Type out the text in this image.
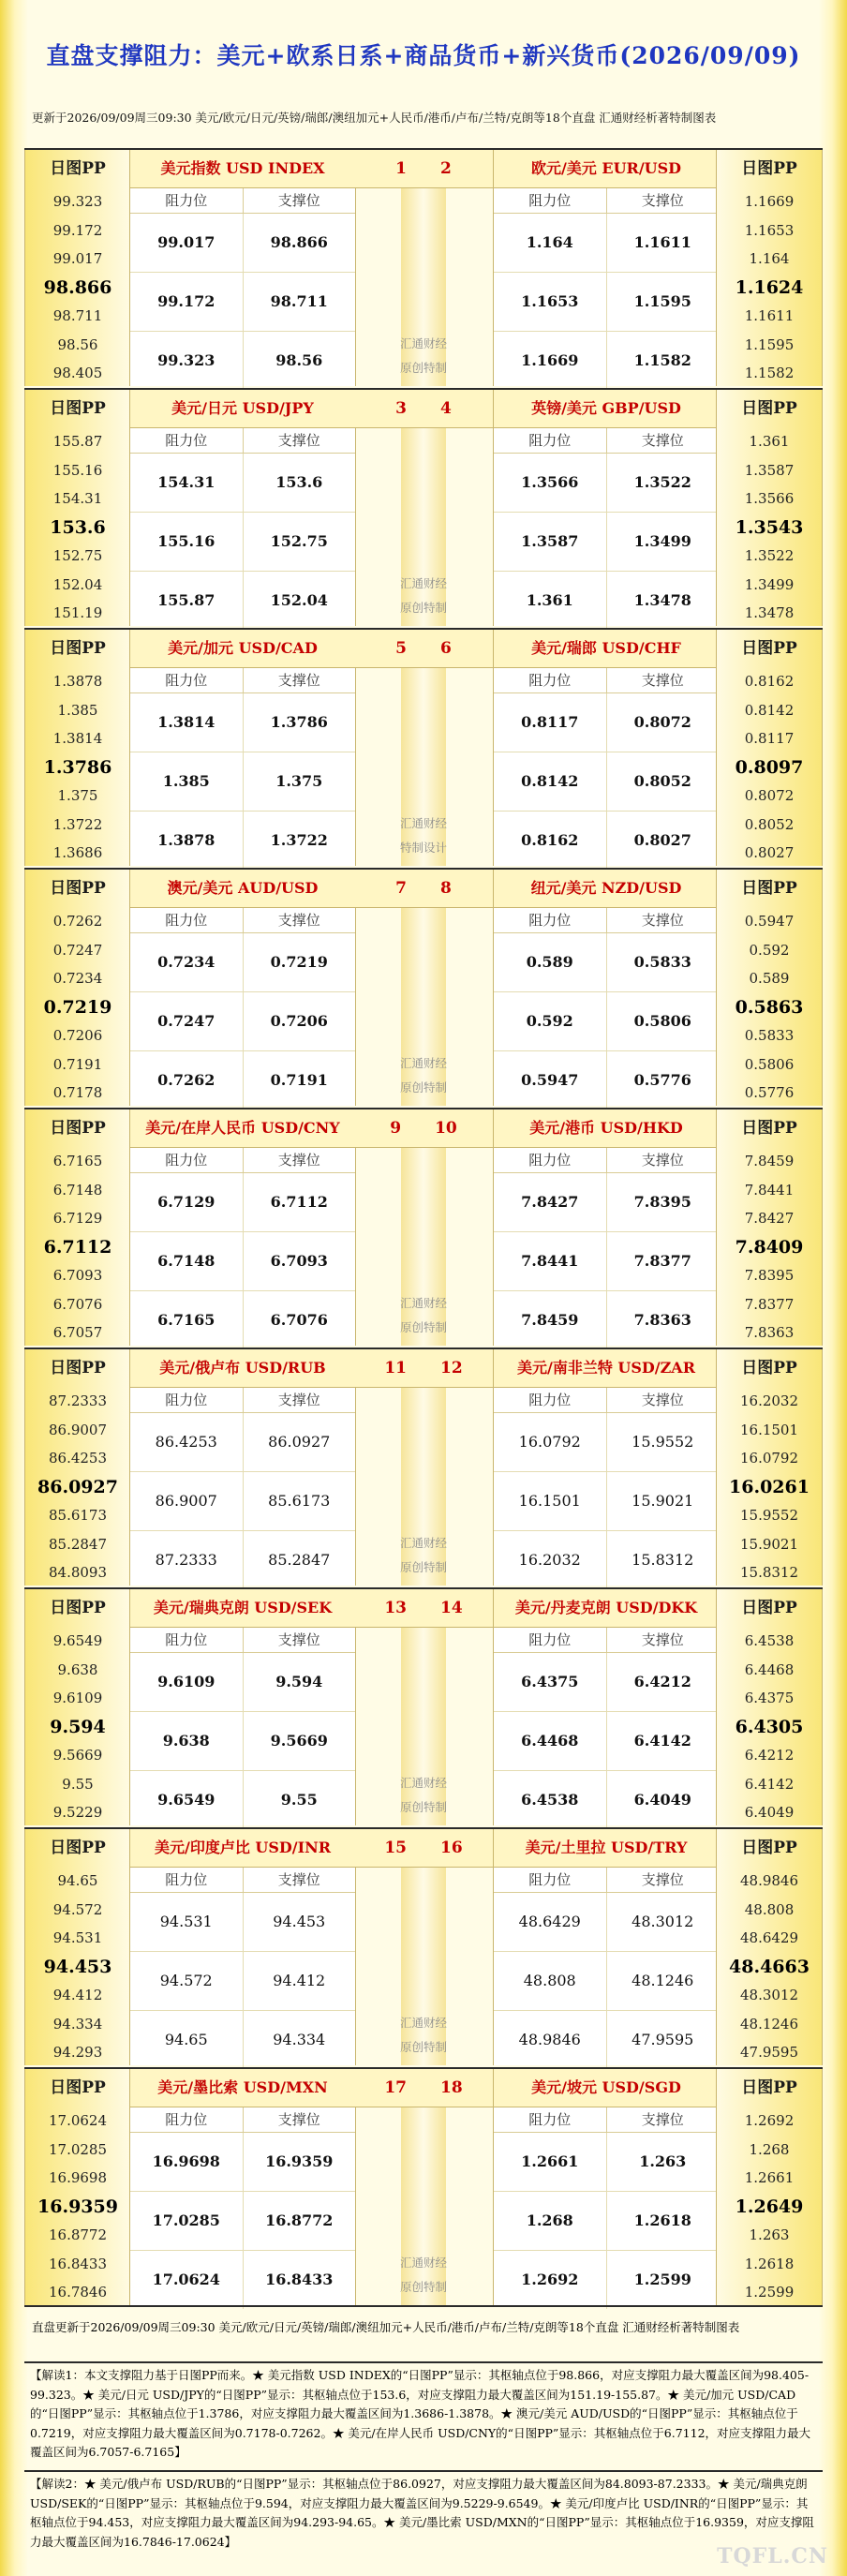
直盘支撑阻力：美元+欧系日系+商品货币+新兴货币(2026/09/09)
更新于2026/09/09周三09:30 美元/欧元/日元/英镑/瑞郎/澳纽加元+人民币/港币/卢布/兰特/克朗等18个直盘 汇通财经析著特制图表
日图PP
99.323
99.172
99.017
98.866
98.711
98.56
98.405
美元指数 USD INDEX
阻力位	支撑位
99.017	98.866
99.172	98.711
99.323	98.56
1 2
汇通财经
原创特制
欧元/美元 EUR/USD
阻力位	支撑位
1.164	1.1611
1.1653	1.1595
1.1669	1.1582
日图PP
1.1669
1.1653
1.164
1.1624
1.1611
1.1595
1.1582
日图PP
155.87
155.16
154.31
153.6
152.75
152.04
151.19
美元/日元 USD/JPY
阻力位	支撑位
154.31	153.6
155.16	152.75
155.87	152.04
3 4
汇通财经
原创特制
英镑/美元 GBP/USD
阻力位	支撑位
1.3566	1.3522
1.3587	1.3499
1.361	1.3478
日图PP
1.361
1.3587
1.3566
1.3543
1.3522
1.3499
1.3478
日图PP
1.3878
1.385
1.3814
1.3786
1.375
1.3722
1.3686
美元/加元 USD/CAD
阻力位	支撑位
1.3814	1.3786
1.385	1.375
1.3878	1.3722
5 6
汇通财经
特制设计
美元/瑞郎 USD/CHF
阻力位	支撑位
0.8117	0.8072
0.8142	0.8052
0.8162	0.8027
日图PP
0.8162
0.8142
0.8117
0.8097
0.8072
0.8052
0.8027
日图PP
0.7262
0.7247
0.7234
0.7219
0.7206
0.7191
0.7178
澳元/美元 AUD/USD
阻力位	支撑位
0.7234	0.7219
0.7247	0.7206
0.7262	0.7191
7 8
汇通财经
原创特制
纽元/美元 NZD/USD
阻力位	支撑位
0.589	0.5833
0.592	0.5806
0.5947	0.5776
日图PP
0.5947
0.592
0.589
0.5863
0.5833
0.5806
0.5776
日图PP
6.7165
6.7148
6.7129
6.7112
6.7093
6.7076
6.7057
美元/在岸人民币 USD/CNY
阻力位	支撑位
6.7129	6.7112
6.7148	6.7093
6.7165	6.7076
9 10
汇通财经
原创特制
美元/港币 USD/HKD
阻力位	支撑位
7.8427	7.8395
7.8441	7.8377
7.8459	7.8363
日图PP
7.8459
7.8441
7.8427
7.8409
7.8395
7.8377
7.8363
日图PP
87.2333
86.9007
86.4253
86.0927
85.6173
85.2847
84.8093
美元/俄卢布 USD/RUB
阻力位	支撑位
86.4253	86.0927
86.9007	85.6173
87.2333	85.2847
11 12
汇通财经
原创特制
美元/南非兰特 USD/ZAR
阻力位	支撑位
16.0792	15.9552
16.1501	15.9021
16.2032	15.8312
日图PP
16.2032
16.1501
16.0792
16.0261
15.9552
15.9021
15.8312
日图PP
9.6549
9.638
9.6109
9.594
9.5669
9.55
9.5229
美元/瑞典克朗 USD/SEK
阻力位	支撑位
9.6109	9.594
9.638	9.5669
9.6549	9.55
13 14
汇通财经
原创特制
美元/丹麦克朗 USD/DKK
阻力位	支撑位
6.4375	6.4212
6.4468	6.4142
6.4538	6.4049
日图PP
6.4538
6.4468
6.4375
6.4305
6.4212
6.4142
6.4049
日图PP
94.65
94.572
94.531
94.453
94.412
94.334
94.293
美元/印度卢比 USD/INR
阻力位	支撑位
94.531	94.453
94.572	94.412
94.65	94.334
15 16
汇通财经
原创特制
美元/土里拉 USD/TRY
阻力位	支撑位
48.6429	48.3012
48.808	48.1246
48.9846	47.9595
日图PP
48.9846
48.808
48.6429
48.4663
48.3012
48.1246
47.9595
日图PP
17.0624
17.0285
16.9698
16.9359
16.8772
16.8433
16.7846
美元/墨比索 USD/MXN
阻力位	支撑位
16.9698	16.9359
17.0285	16.8772
17.0624	16.8433
17 18
汇通财经
原创特制
美元/坡元 USD/SGD
阻力位	支撑位
1.2661	1.263
1.268	1.2618
1.2692	1.2599
日图PP
1.2692
1.268
1.2661
1.2649
1.263
1.2618
1.2599
直盘更新于2026/09/09周三09:30 美元/欧元/日元/英镑/瑞郎/澳纽加元+人民币/港币/卢布/兰特/克朗等18个直盘 汇通财经析著特制图表
【解读1：本文支撑阻力基于日图PP而来。★ 美元指数 USD INDEX的“日图PP”显示：其枢轴点位于98.866，对应支撑阻力最大覆盖区间为98.405-99.323。★ 美元/日元 USD/JPY的“日图PP”显示：其枢轴点位于153.6，对应支撑阻力最大覆盖区间为151.19-155.87。★ 美元/加元 USD/CAD的“日图PP”显示：其枢轴点位于1.3786，对应支撑阻力最大覆盖区间为1.3686-1.3878。★ 澳元/美元 AUD/USD的“日图PP”显示：其枢轴点位于0.7219，对应支撑阻力最大覆盖区间为0.7178-0.7262。★ 美元/在岸人民币 USD/CNY的“日图PP”显示：其枢轴点位于6.7112，对应支撑阻力最大覆盖区间为6.7057-6.7165】
【解读2：★ 美元/俄卢布 USD/RUB的“日图PP”显示：其枢轴点位于86.0927，对应支撑阻力最大覆盖区间为84.8093-87.2333。★ 美元/瑞典克朗 USD/SEK的“日图PP”显示：其枢轴点位于9.594，对应支撑阻力最大覆盖区间为9.5229-9.6549。★ 美元/印度卢比 USD/INR的“日图PP”显示：其枢轴点位于94.453，对应支撑阻力最大覆盖区间为94.293-94.65。★ 美元/墨比索 USD/MXN的“日图PP”显示：其枢轴点位于16.9359，对应支撑阻力最大覆盖区间为16.7846-17.0624】
TQFL.CN
